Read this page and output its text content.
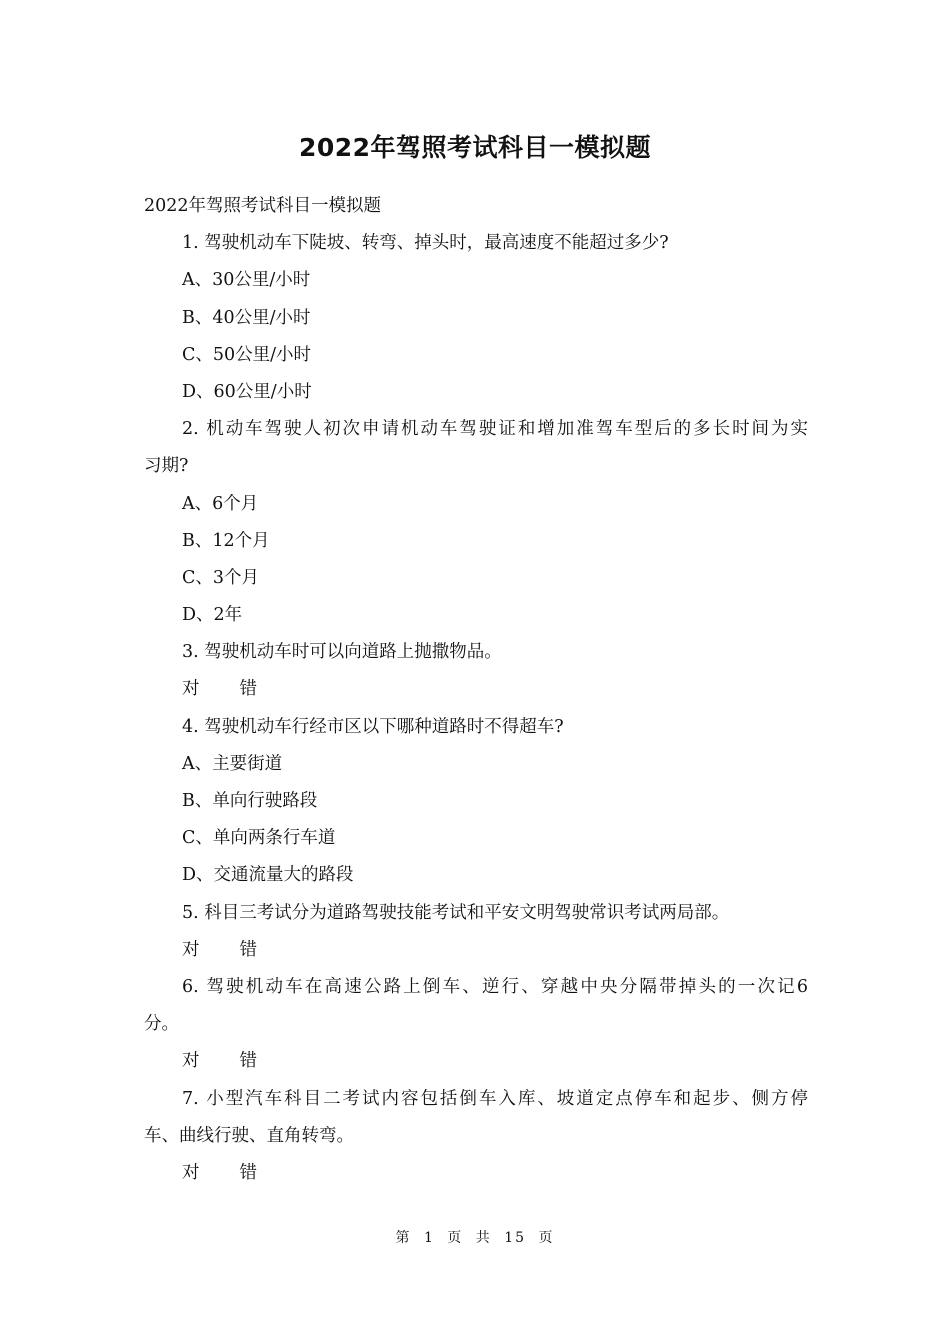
2022年驾照考试科目一模拟题
2022年驾照考试科目一模拟题
1. 驾驶机动车下陡坡、转弯、掉头时，最高速度不能超过多少?
A、30公里/小时
B、40公里/小时
C、50公里/小时
D、60公里/小时
2. 机动车驾驶人初次申请机动车驾驶证和增加准驾车型后的多长时间为实
习期?
A、6个月
B、12个月
C、3个月
D、2年
3. 驾驶机动车时可以向道路上抛撒物品。
对 错
4. 驾驶机动车行经市区以下哪种道路时不得超车?
A、主要街道
B、单向行驶路段
C、单向两条行车道
D、交通流量大的路段
5. 科目三考试分为道路驾驶技能考试和平安文明驾驶常识考试两局部。
对 错
6. 驾驶机动车在高速公路上倒车、逆行、穿越中央分隔带掉头的一次记6
分。
对 错
7. 小型汽车科目二考试内容包括倒车入库、坡道定点停车和起步、侧方停
车、曲线行驶、直角转弯。
对 错
第 1 页 共 15 页
